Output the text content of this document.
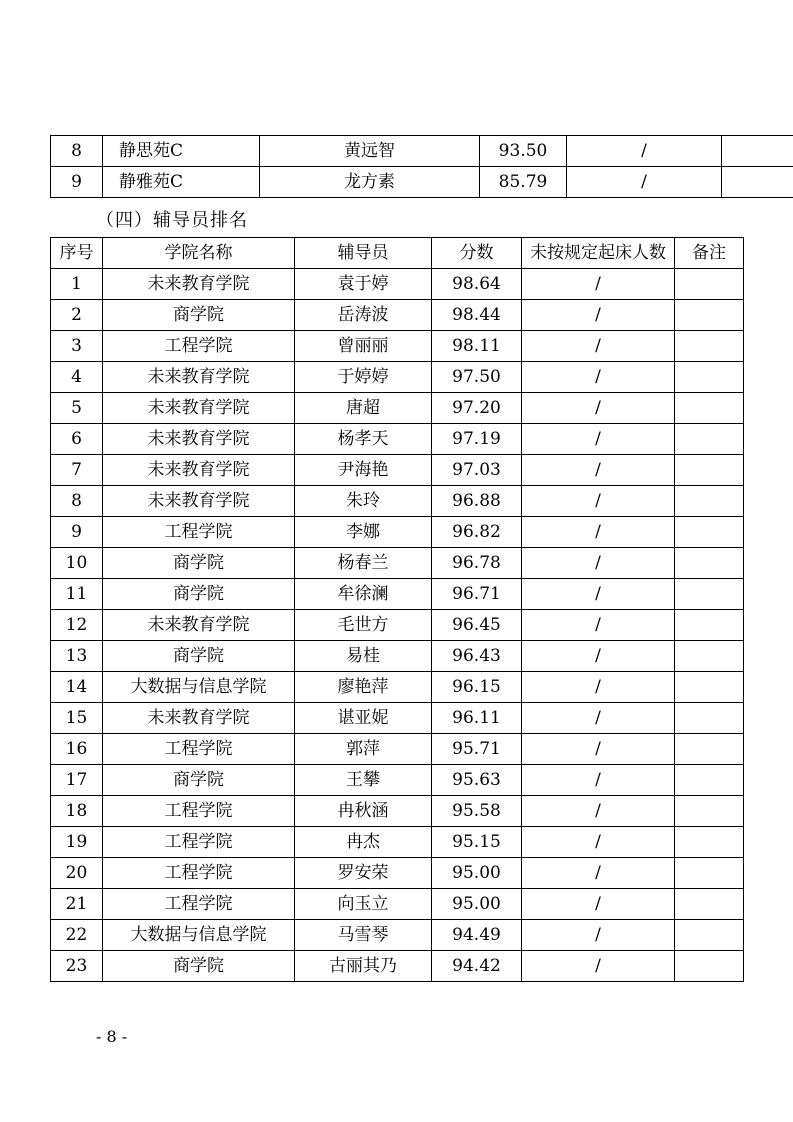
8	静思苑C	黄远智	93.50	/	
9	静雅苑C	龙方素	85.79	/	
（四）辅导员排名
序号	学院名称	辅导员	分数	未按规定起床人数	备注
1	未来教育学院	袁于婷	98.64	/	
2	商学院	岳涛波	98.44	/	
3	工程学院	曾丽丽	98.11	/	
4	未来教育学院	于婷婷	97.50	/	
5	未来教育学院	唐超	97.20	/	
6	未来教育学院	杨孝天	97.19	/	
7	未来教育学院	尹海艳	97.03	/	
8	未来教育学院	朱玲	96.88	/	
9	工程学院	李娜	96.82	/	
10	商学院	杨春兰	96.78	/	
11	商学院	牟徐澜	96.71	/	
12	未来教育学院	毛世方	96.45	/	
13	商学院	易桂	96.43	/	
14	大数据与信息学院	廖艳萍	96.15	/	
15	未来教育学院	谌亚妮	96.11	/	
16	工程学院	郭萍	95.71	/	
17	商学院	王攀	95.63	/	
18	工程学院	冉秋涵	95.58	/	
19	工程学院	冉杰	95.15	/	
20	工程学院	罗安荣	95.00	/	
21	工程学院	向玉立	95.00	/	
22	大数据与信息学院	马雪琴	94.49	/	
23	商学院	古丽其乃	94.42	/	
- 8 -
